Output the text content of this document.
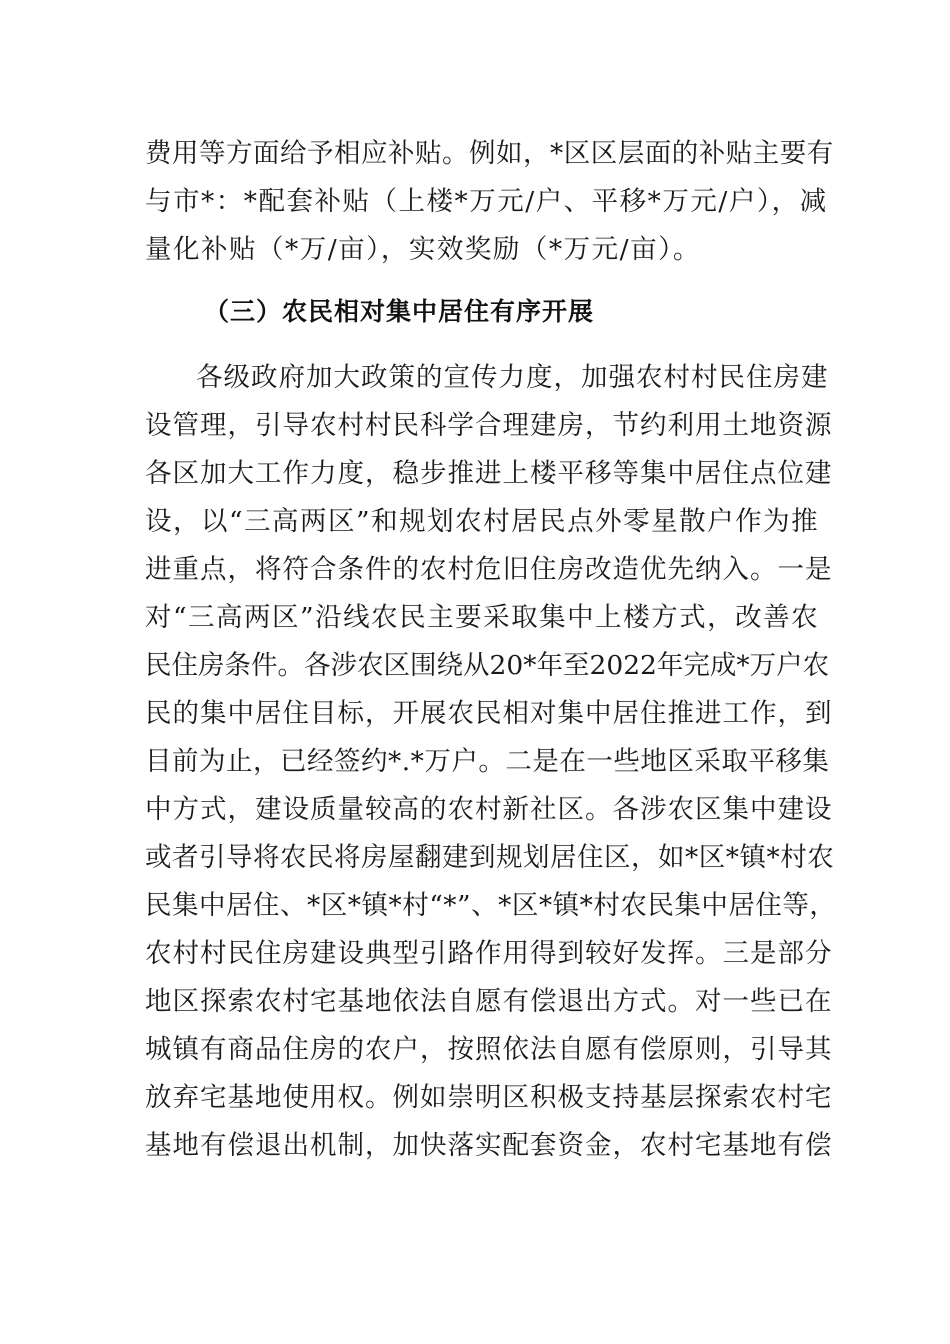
费用等方面给予相应补贴。例如，*区区层面的补贴主要有
与市*：*配套补贴（上楼*万元/户、平移*万元/户），减
量化补贴（*万/亩），实效奖励（*万元/亩）。
（三）农民相对集中居住有序开展
各级政府加大政策的宣传力度，加强农村村民住房建
设管理，引导农村村民科学合理建房，节约利用土地资源
各区加大工作力度，稳步推进上楼平移等集中居住点位建
设，以“三高两区”和规划农村居民点外零星散户作为推
进重点，将符合条件的农村危旧住房改造优先纳入。一是
对“三高两区”沿线农民主要采取集中上楼方式，改善农
民住房条件。各涉农区围绕从20*年至2022年完成*万户农
民的集中居住目标，开展农民相对集中居住推进工作，到
目前为止，已经签约*.*万户。二是在一些地区采取平移集
中方式，建设质量较高的农村新社区。各涉农区集中建设
或者引导将农民将房屋翻建到规划居住区，如*区*镇*村农
民集中居住、*区*镇*村“*”、*区*镇*村农民集中居住等，
农村村民住房建设典型引路作用得到较好发挥。三是部分
地区探索农村宅基地依法自愿有偿退出方式。对一些已在
城镇有商品住房的农户，按照依法自愿有偿原则，引导其
放弃宅基地使用权。例如崇明区积极支持基层探索农村宅
基地有偿退出机制，加快落实配套资金，农村宅基地有偿
